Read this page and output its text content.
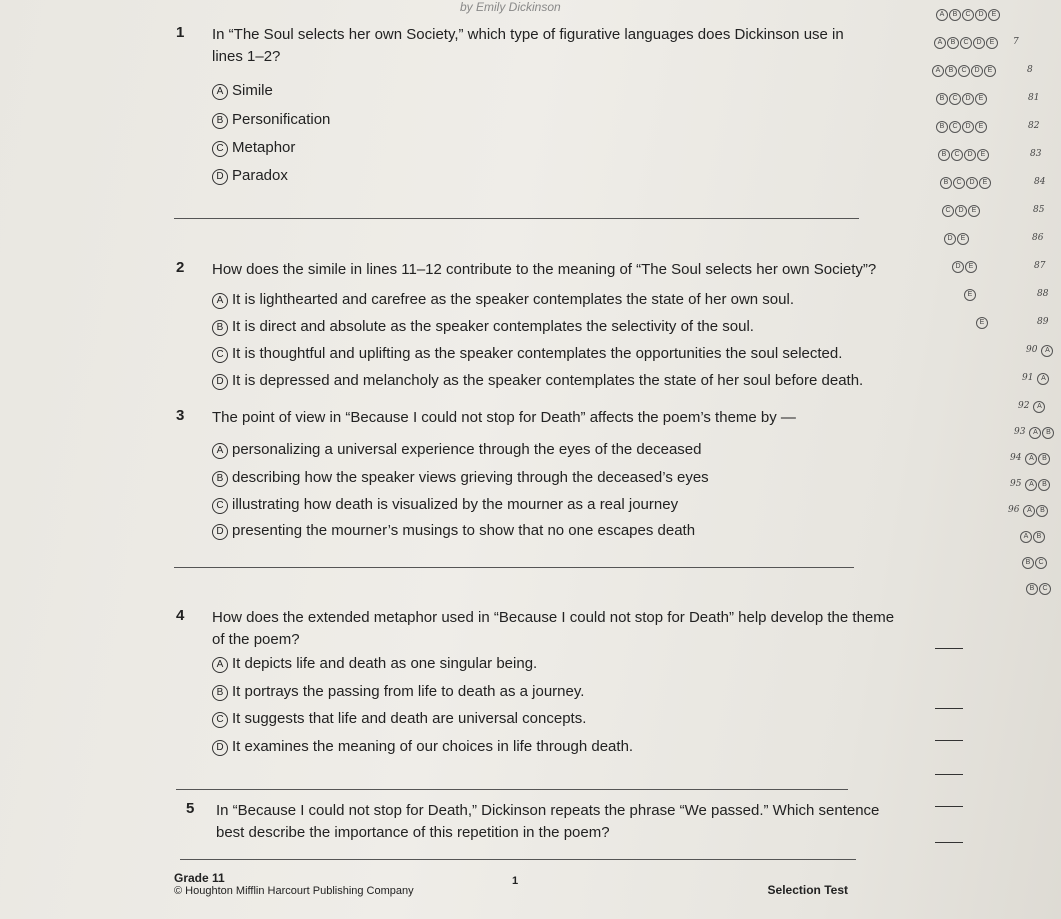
by Emily Dickinson
1 In “The Soul selects her own Society,” which type of figurative languages does Dickinson use in
lines 1–2?
A Simile
B Personification
C Metaphor
D Paradox
2 How does the simile in lines 11–12 contribute to the meaning of “The Soul selects her own Society”?
A It is lighthearted and carefree as the speaker contemplates the state of her own soul.
B It is direct and absolute as the speaker contemplates the selectivity of the soul.
C It is thoughtful and uplifting as the speaker contemplates the opportunities the soul selected.
D It is depressed and melancholy as the speaker contemplates the state of her soul before death.
3 The point of view in “Because I could not stop for Death” affects the poem’s theme by —
A personalizing a universal experience through the eyes of the deceased
B describing how the speaker views grieving through the deceased’s eyes
C illustrating how death is visualized by the mourner as a real journey
D presenting the mourner’s musings to show that no one escapes death
4 How does the extended metaphor used in “Because I could not stop for Death” help develop the theme
of the poem?
A It depicts life and death as one singular being.
B It portrays the passing from life to death as a journey.
C It suggests that life and death are universal concepts.
D It examines the meaning of our choices in life through death.
5 In “Because I could not stop for Death,” Dickinson repeats the phrase “We passed.” Which sentence
best describe the importance of this repetition in the poem?
Grade 11
© Houghton Mifflin Harcourt Publishing Company
1
Selection Test
A B C D E
A B C D E 7
A B C D E	8
B C D E	81
B C D E	82
B C D E	83
B C D E	84
C D E	85
D E	86
D E	87
E	88
E	89
90 A
91 A
92 A
93 A B
94 A B
95 A B
96 A B
A B
B C
B C
